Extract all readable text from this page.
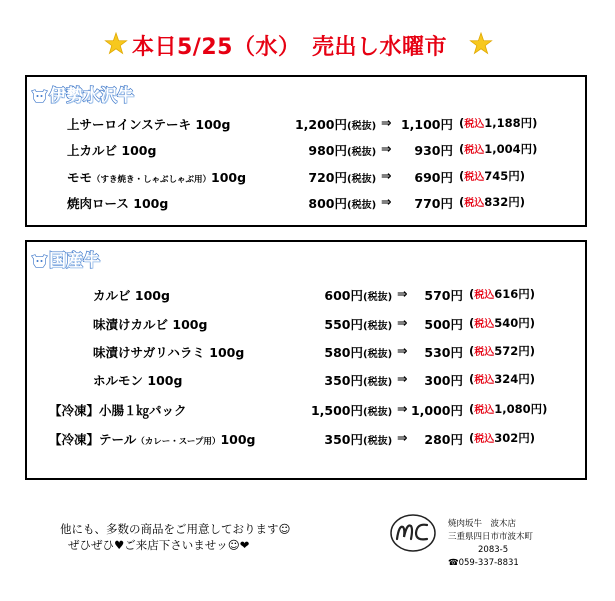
本日5/25（水）　売出し水曜市
伊勢水沢牛
上サーロインステーキ 100g	1,200円 (税抜) ⇒ 1,100円 (税込1,188円)
上カルビ 100g	980円 (税抜) ⇒	930円 (税込1,004円)
モモ（すき焼き・しゃぶしゃぶ用）100g	720円 (税抜) ⇒	690円 (税込745円)
焼肉ロース 100g	800円 (税抜) ⇒	770円 (税込832円)
国産牛
カルビ 100g	600円 (税抜) ⇒	570円 (税込616円)
味漬けカルビ 100g	550円 (税抜) ⇒	500円 (税込540円)
味漬けサガリハラミ 100g	580円 (税抜) ⇒	530円 (税込572円)
ホルモン 100g	350円 (税抜) ⇒	300円 (税込324円)
【冷凍】小腸１㎏パック	1,500円 (税抜) ⇒ 1,000円 (税込1,080円)
【冷凍】テール（カレー・スープ用）100g	350円 (税抜) ⇒	280円 (税込302円)
他にも、多数の商品をご用意しております☺
ぜひぜひ♥ご来店下さいませッ☺❤
焼肉坂牛　波木店
三重県四日市市波木町
2083-5
☎059-337-8831
